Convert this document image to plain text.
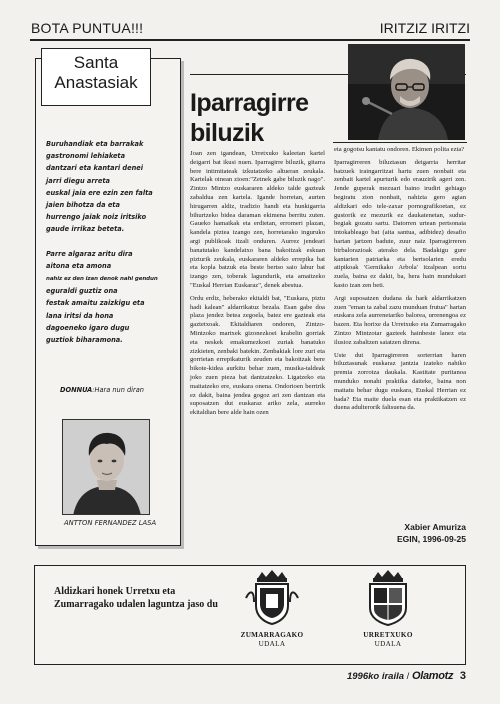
BOTA PUNTUA!!!	IRITZIZ IRITZI
Santa
Anastasiak

Buruhandiak eta barrakak
gastronomi lehiaketa
dantzari eta kantari denei
jarri diegu arreta
euskal jaia ere ezin zen falta
jaien bihotza da eta
hurrengo jaiak noiz iritsiko
gaude irrikaz beteta.

Parre algaraz aritu dira
aitona eta amona
nahiz ez den izan denok nahi gendun
eguraldi guztiz ona
festak amaitu zaizkigu eta
lana iritsi da hona
dagoeneko igaro dugu
guztiok biharamona.

DONNUA:Hara nun diran
ANTTON FERNANDEZ LASA
Iparragirre
biluzik

Joan zen igandean, Urretxuko kaleetan kartel deigarri bat ikusi nuen. Iparragirre biluzik, gitarra bere intimitateak izkutatzeko altueran zeukala. Kartelak oinean zioen:"Zeinek gabe biluzik nago". Zintzo Mintzo euskararen aldeko talde gazteak zabaldua zen kartela. Igande horretan, aurten hirugarren aldiz, tradizio handi eta hunkigarria bihurtzeko bidea daraman ekimena berritu zuten. Gaueko hamaikak eta erdietan, erromeri plazan, kandela piztea izango zen, horretarako inguruko argi publikoak itzali onduren. Aurrez jendeari banatutako kandelatxo bana bakoitzak eskuan pizturik zeukala, euskararen aldeko errepika bat eta kopla batzuk eta beste bertso saio labur bat izango zen, toberak lagundurik, eta amaitzeko "Euskal Herrian Euskaraz", denek abestua.

Ordu erdiz, heberako ekitaldi bat, "Euskara, piztu hadi kalean" aldarrikatuz bezala. Esan gabe doa plaza jendez betea zegoela, batez ere gazteak eta gaztetxoak. Ekitaldiaren ondoren, Zintzo-Mintzoko martxek gizonezkoei krabelin gorriak eta neskek emakumezkoei zuriak banatuko zizkieten, zenbaki batekin. Zenbakiak lore zuri eta gorrietan errepikaturik zeuden eta bakoitzak bere bikote-kidea aurkitu behar zuen, musika-taldeak joko zuen pieza bat dantzatzeko. Ligatzeko eta maitatzeko ere, euskara onena. Ondorioen berririk ez dakit, baina jendea gogoz ari zen dantzan eta suposatzen dut euskaraz ariko zela, aurreko ekitaldian bere alde hain ozen

eta gogotsu kantatu ondoren. Ekimen polita ezta?

Iparragirreren biluztasun deigarria herritar batzuek iraingarritzat hartu zuen nonbait eta zenbait kartel apurturik edo erauzirik ageri zen. Jende guperak mezuari baino irudiri gehiago begiratu zion nonbait, nahizta gero agian aldizkari edo tele-zaxar pornografikoetan, ez gustorik ez mezurik ez daukatenetan, sudur-begiak gozatu sartu. Datorren urtean pertsonaia intokableago bat (aita santua, adibidez) desafio hartan jartzen badute, zuur naiz Iparragirreren birbalorazioak aterako dela. Badakigu gure kantarien patriarka eta bertsolarien eredu atipikoak 'Gernikako Arbola' itzalpean sortu zuela, baina ez dakit, ba, hera hain mundukari kasto izan zen beti.

Argi suposatzen dudana da hark aldarrikatzen zuen "eman ta zabal zazu munduan frutua" hartan euskara zela aurrenetariko balorea, urrenengoa ez bazen. Eta horixe da Urretxuko eta Zumarragako Zintzo Mintzotar gazteek hainbeste lanez eta ilusioz zabaltzen saiatzen direna.

Uste dut Iparragirreren sorterrian haren biluztasunak euskaraz jantzia izateko nahiko premia zorrotza daukala. Kastitate puritanoa munduko nonahi praktika daiteke, baina non maitatu behar dugu euskara, Euskal Herrian ez bada? Eta maite duela esan eta praktikatzen ez duena adulterorik faltsuena da.

Xabier Amuriza
EGIN, 1996-09-25
Aldizkari honek Urretxu eta Zumarragako udalen laguntza jaso du
ZUMARRAGAKO
UDALA
URRETXUKO
UDALA
1996ko iraila / Olamotz 3
